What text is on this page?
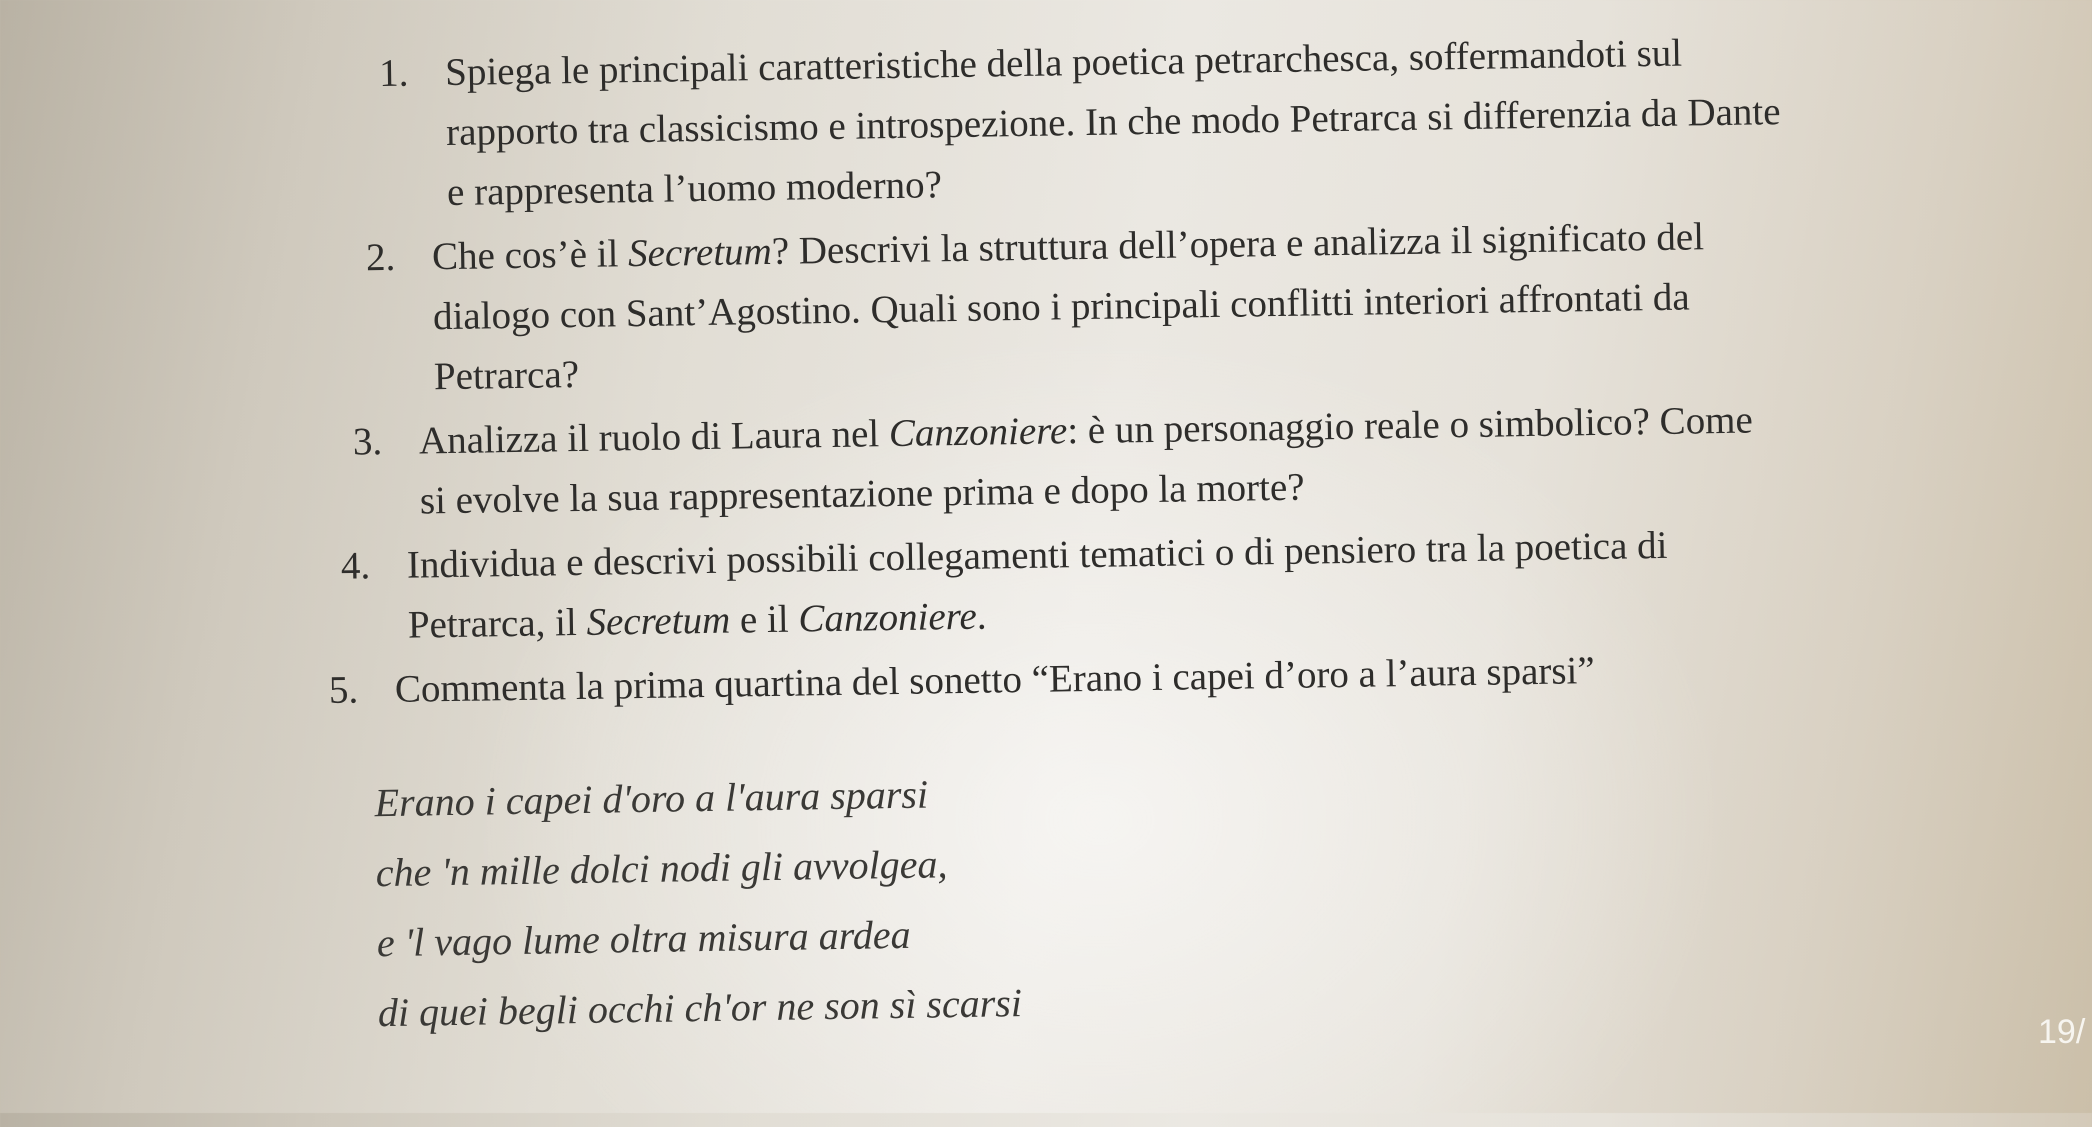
1. Spiega le principali caratteristiche della poetica petrarchesca, soffermandoti sul
rapporto tra classicismo e introspezione. In che modo Petrarca si differenzia da Dante
e rappresenta l’uomo moderno?
2. Che cos’è il Secretum? Descrivi la struttura dell’opera e analizza il significato del
dialogo con Sant’Agostino. Quali sono i principali conflitti interiori affrontati da
Petrarca?
3. Analizza il ruolo di Laura nel Canzoniere: è un personaggio reale o simbolico? Come
si evolve la sua rappresentazione prima e dopo la morte?
4. Individua e descrivi possibili collegamenti tematici o di pensiero tra la poetica di
Petrarca, il Secretum e il Canzoniere.
5. Commenta la prima quartina del sonetto “Erano i capei d’oro a l’aura sparsi”
Erano i capei d'oro a l'aura sparsi
che 'n mille dolci nodi gli avvolgea,
e 'l vago lume oltra misura ardea
di quei begli occhi ch'or ne son sì scarsi	19/
